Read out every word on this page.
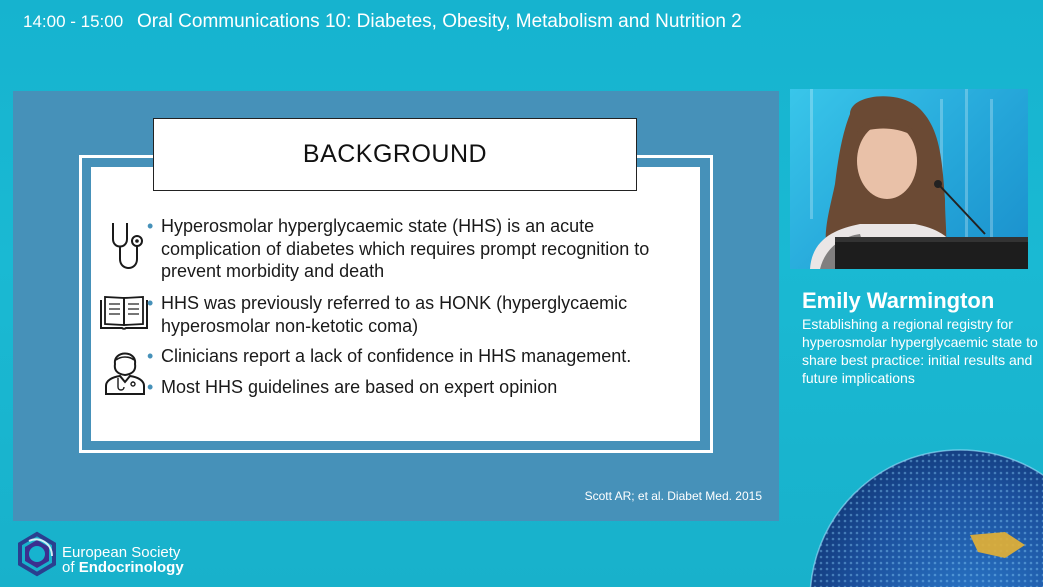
14:00 - 15:00 Oral Communications 10: Diabetes, Obesity, Metabolism and Nutrition 2
BACKGROUND
• Hyperosmolar hyperglycaemic state (HHS) is an acute complication of diabetes which requires prompt recognition to prevent morbidity and death
• HHS was previously referred to as HONK (hyperglycaemic hyperosmolar non-ketotic coma)
• Clinicians report a lack of confidence in HHS management.
• Most HHS guidelines are based on expert opinion
Scott AR; et al. Diabet Med. 2015
Emily Warmington
Establishing a regional registry for hyperosmolar hyperglycaemic state to share best practice: initial results and future implications
European Society
of Endocrinology
